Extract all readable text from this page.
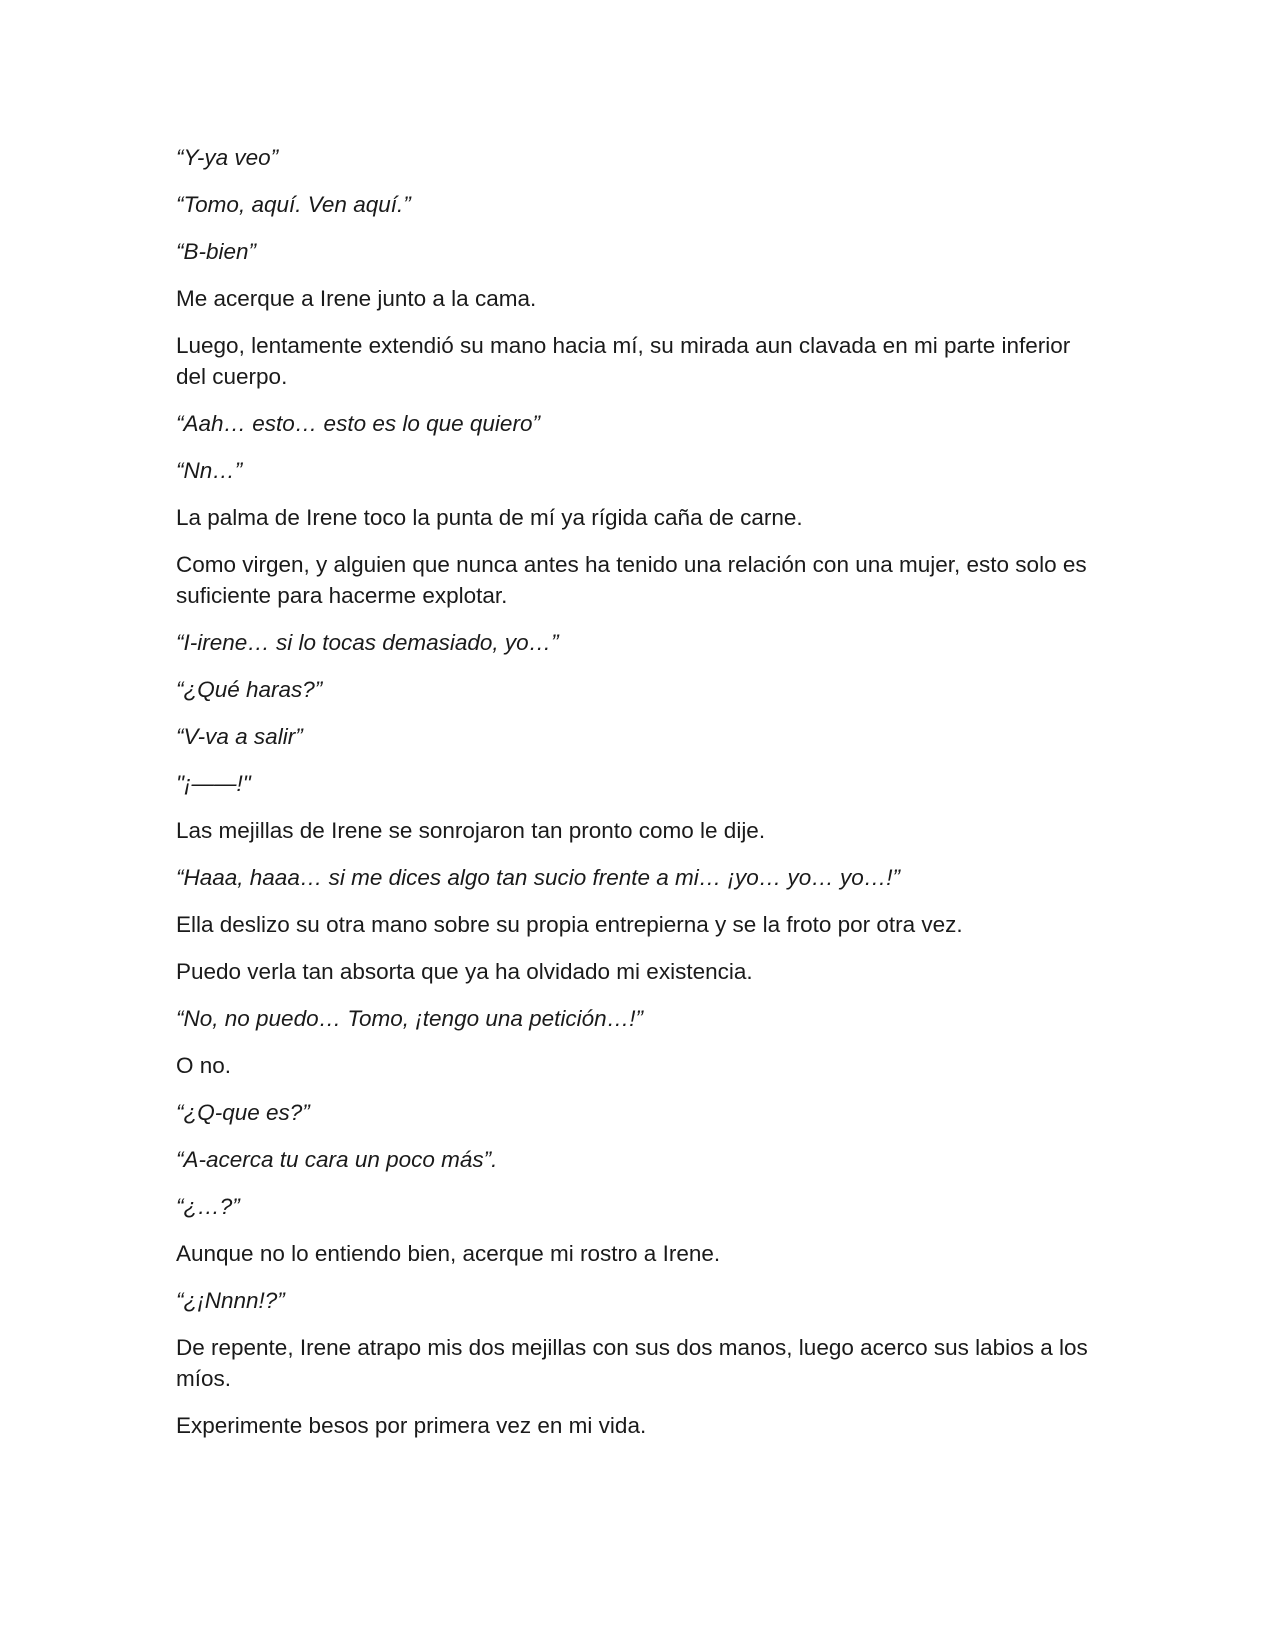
“Y-ya veo”

“Tomo, aquí. Ven aquí.”

“B-bien”

Me acerque a Irene junto a la cama.

Luego, lentamente extendió su mano hacia mí, su mirada aun clavada en mi parte inferior del cuerpo.

“Aah… esto… esto es lo que quiero”

“Nn…”

La palma de Irene toco la punta de mí ya rígida caña de carne.

Como virgen, y alguien que nunca antes ha tenido una relación con una mujer, esto solo es suficiente para hacerme explotar.

“I-irene… si lo tocas demasiado, yo…”

“¿Qué haras?”

“V-va a salir”

"¡——!"

Las mejillas de Irene se sonrojaron tan pronto como le dije.

“Haaa, haaa… si me dices algo tan sucio frente a mi… ¡yo… yo… yo…!”

Ella deslizo su otra mano sobre su propia entrepierna y se la froto por otra vez.

Puedo verla tan absorta que ya ha olvidado mi existencia.

“No, no puedo… Tomo, ¡tengo una petición…!”

O no.

“¿Q-que es?”

“A-acerca tu cara un poco más”.

“¿…?”

Aunque no lo entiendo bien, acerque mi rostro a Irene.

“¿¡Nnnn!?”

De repente, Irene atrapo mis dos mejillas con sus dos manos, luego acerco sus labios a los míos.

Experimente besos por primera vez en mi vida.
